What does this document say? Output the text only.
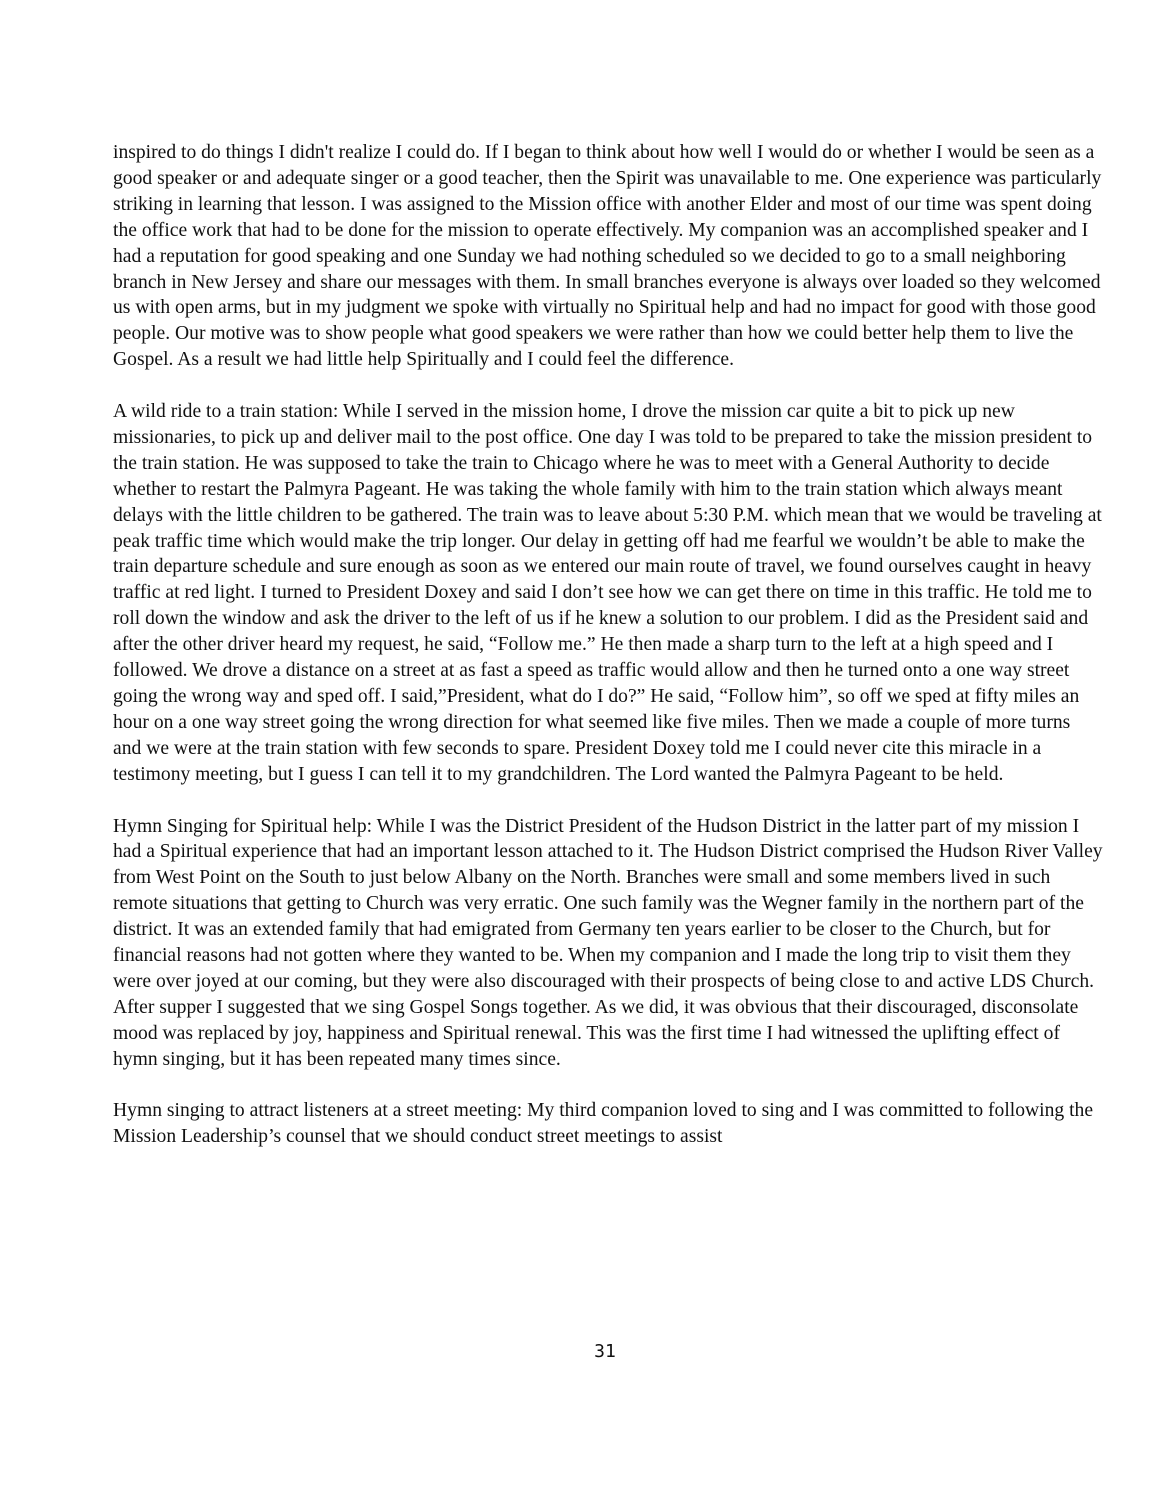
inspired to do things I didn't realize I could do. If I began to think about how well I would do or whether I would be seen as a good speaker or and adequate singer or a good teacher, then the Spirit was unavailable to me. One experience was particularly striking in learning that lesson. I was assigned to the Mission office with another Elder and most of our time was spent doing the office work that had to be done for the mission to operate effectively. My companion was an accomplished speaker and I had a reputation for good speaking and one Sunday we had nothing scheduled so we decided to go to a small neighboring branch in New Jersey and share our messages with them. In small branches everyone is always over loaded so they welcomed us with open arms, but in my judgment we spoke with virtually no Spiritual help and had no impact for good with those good people. Our motive was to show people what good speakers we were rather than how we could better help them to live the Gospel. As a result we had little help Spiritually and I could feel the difference.

A wild ride to a train station: While I served in the mission home, I drove the mission car quite a bit to pick up new missionaries, to pick up and deliver mail to the post office. One day I was told to be prepared to take the mission president to the train station. He was supposed to take the train to Chicago where he was to meet with a General Authority to decide whether to restart the Palmyra Pageant. He was taking the whole family with him to the train station which always meant delays with the little children to be gathered. The train was to leave about 5:30 P.M. which mean that we would be traveling at peak traffic time which would make the trip longer. Our delay in getting off had me fearful we wouldn’t be able to make the train departure schedule and sure enough as soon as we entered our main route of travel, we found ourselves caught in heavy traffic at red light. I turned to President Doxey and said I don’t see how we can get there on time in this traffic. He told me to roll down the window and ask the driver to the left of us if he knew a solution to our problem. I did as the President said and after the other driver heard my request, he said, “Follow me.” He then made a sharp turn to the left at a high speed and I followed. We drove a distance on a street at as fast a speed as traffic would allow and then he turned onto a one way street going the wrong way and sped off. I said,”President, what do I do?” He said, “Follow him”, so off we sped at fifty miles an hour on a one way street going the wrong direction for what seemed like five miles. Then we made a couple of more turns and we were at the train station with few seconds to spare. President Doxey told me I could never cite this miracle in a testimony meeting, but I guess I can tell it to my grandchildren. The Lord wanted the Palmyra Pageant to be held.

Hymn Singing for Spiritual help: While I was the District President of the Hudson District in the latter part of my mission I had a Spiritual experience that had an important lesson attached to it. The Hudson District comprised the Hudson River Valley from West Point on the South to just below Albany on the North. Branches were small and some members lived in such remote situations that getting to Church was very erratic. One such family was the Wegner family in the northern part of the district. It was an extended family that had emigrated from Germany ten years earlier to be closer to the Church, but for financial reasons had not gotten where they wanted to be. When my companion and I made the long trip to visit them they were over joyed at our coming, but they were also discouraged with their prospects of being close to and active LDS Church. After supper I suggested that we sing Gospel Songs together. As we did, it was obvious that their discouraged, disconsolate mood was replaced by joy, happiness and Spiritual renewal. This was the first time I had witnessed the uplifting effect of hymn singing, but it has been repeated many times since.

Hymn singing to attract listeners at a street meeting: My third companion loved to sing and I was committed to following the Mission Leadership’s counsel that we should conduct street meetings to assist

31
